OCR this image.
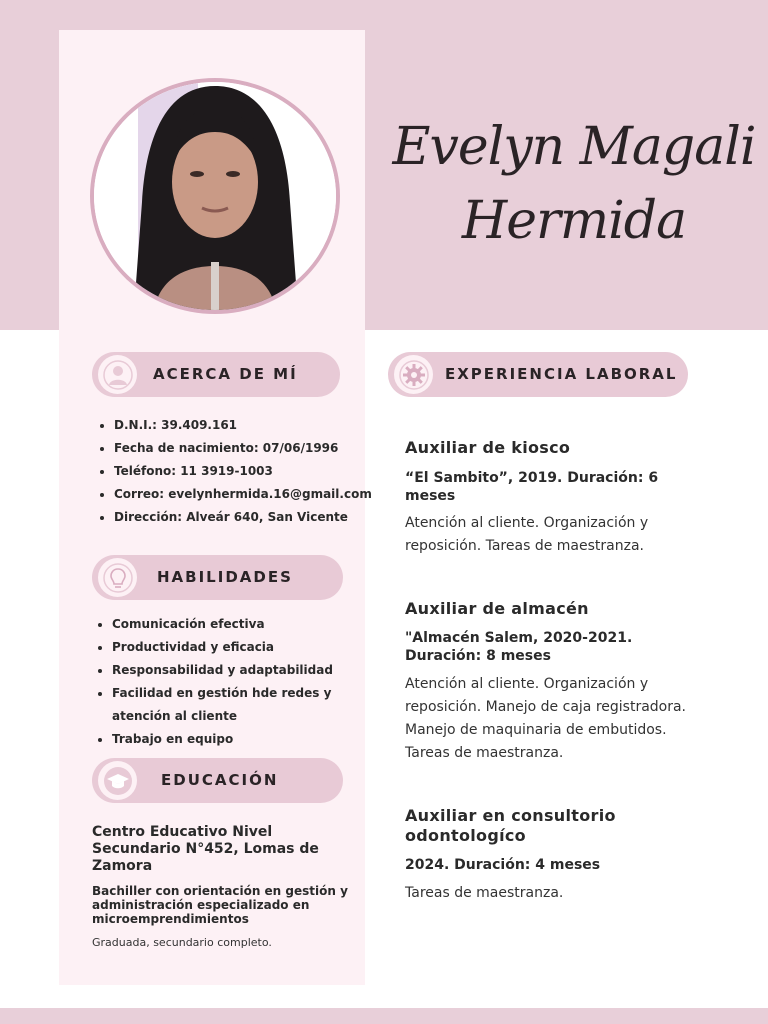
Evelyn Magali
Hermida
ACERCA DE MÍ
• D.N.I.: 39.409.161
• Fecha de nacimiento: 07/06/1996
• Teléfono: 11 3919-1003
• Correo: evelynhermida.16@gmail.com
• Dirección: Alveár 640, San Vicente
HABILIDADES
• Comunicación efectiva
• Productividad y eficacia
• Responsabilidad y adaptabilidad
• Facilidad en gestión hde redes y atención al cliente
• Trabajo en equipo
EDUCACIÓN
Centro Educativo Nivel Secundario N°452, Lomas de Zamora
Bachiller con orientación en gestión y administración especializado en microemprendimientos
Graduada, secundario completo.
EXPERIENCIA LABORAL
Auxiliar de kiosco
“El Sambito”, 2019. Duración: 6 meses
Atención al cliente. Organización y reposición. Tareas de maestranza.
Auxiliar de almacén
"Almacén Salem, 2020-2021. Duración: 8 meses
Atención al cliente. Organización y reposición. Manejo de caja registradora. Manejo de maquinaria de embutidos. Tareas de maestranza.
Auxiliar en consultorio odontologíco
2024. Duración: 4 meses
Tareas de maestranza.
